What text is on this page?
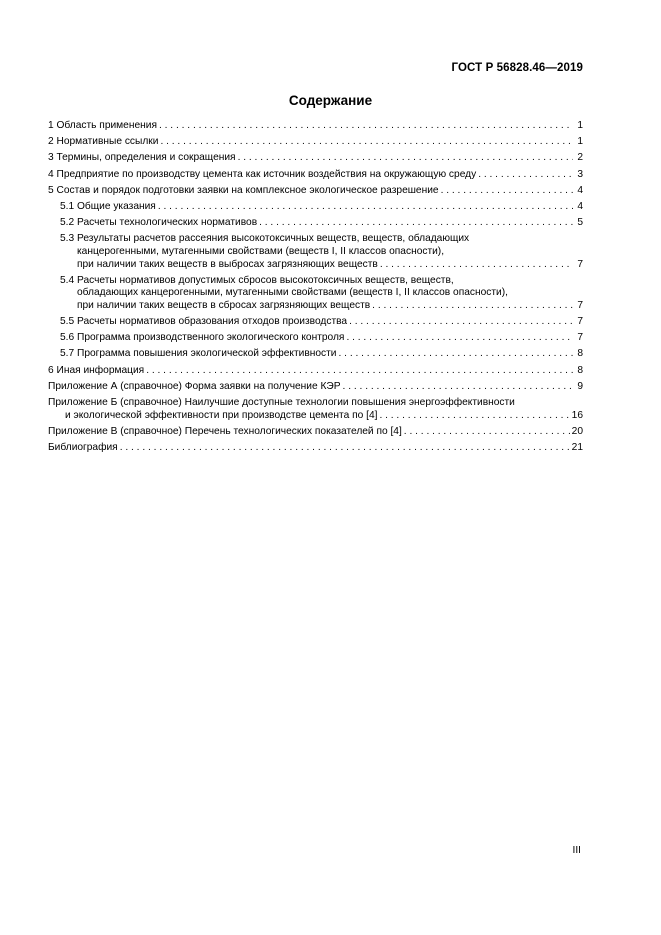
ГОСТ Р 56828.46—2019
Содержание
1 Область применения . . .	1
2 Нормативные ссылки . . .	1
3 Термины, определения и сокращения . . .	2
4 Предприятие по производству цемента как источник воздействия на окружающую среду . . .	3
5 Состав и порядок подготовки заявки на комплексное экологическое разрешение . . .	4
5.1 Общие указания . . .	4
5.2 Расчеты технологических нормативов . . .	5
5.3 Результаты расчетов рассеяния высокотоксичных веществ, веществ, обладающих
канцерогенными, мутагенными свойствами (веществ I, II классов опасности),
при наличии таких веществ в выбросах загрязняющих веществ . . .	7
5.4 Расчеты нормативов допустимых сбросов высокотоксичных веществ, веществ,
обладающих канцерогенными, мутагенными свойствами (веществ I, II классов опасности),
при наличии таких веществ в сбросах загрязняющих веществ . . .	7
5.5 Расчеты нормативов образования отходов производства . . .	7
5.6 Программа производственного экологического контроля . . .	7
5.7 Программа повышения экологической эффективности . . .	8
6 Иная информация . . .	8
Приложение А (справочное) Форма заявки на получение КЭР . . .	9
Приложение Б (справочное) Наилучшие доступные технологии повышения энергоэффективности
и экологической эффективности при производстве цемента по [4] . . .	16
Приложение В (справочное) Перечень технологических показателей по [4] . . .	20
Библиография . . .	21
III
